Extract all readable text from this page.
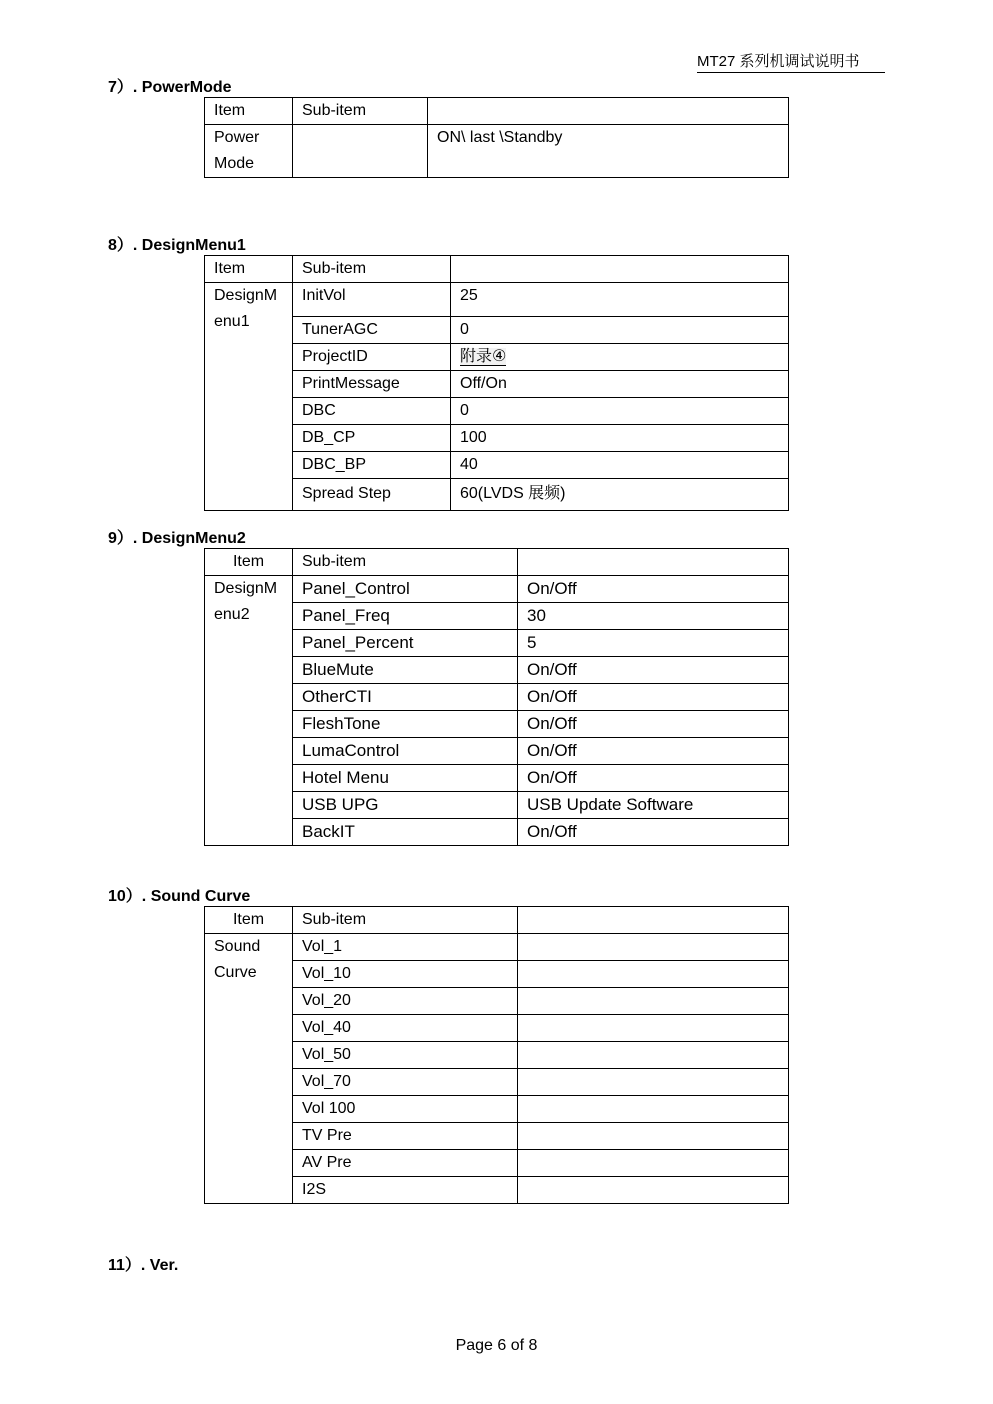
MT27 系列机调试说明书
7）. PowerMode
Item	Sub-item	
Power Mode		ON\ last \Standby
8）. DesignMenu1
Item	Sub-item	
DesignMenu1	InitVol	25
	TunerAGC	0
	ProjectID	附录④
	PrintMessage	Off/On
	DBC	0
	DB_CP	100
	DBC_BP	40
	Spread Step	60(LVDS 展频)
9）. DesignMenu2
Item	Sub-item	
DesignMenu2	Panel_Control	On/Off
	Panel_Freq	30
	Panel_Percent	5
	BlueMute	On/Off
	OtherCTI	On/Off
	FleshTone	On/Off
	LumaControl	On/Off
	Hotel Menu	On/Off
	USB UPG	USB Update Software
	BackIT	On/Off
10）. Sound Curve
Item	Sub-item	
Sound Curve	Vol_1	
	Vol_10	
	Vol_20	
	Vol_40	
	Vol_50	
	Vol_70	
	Vol 100	
	TV Pre	
	AV Pre	
	I2S	
11）. Ver.
Page 6 of 8
